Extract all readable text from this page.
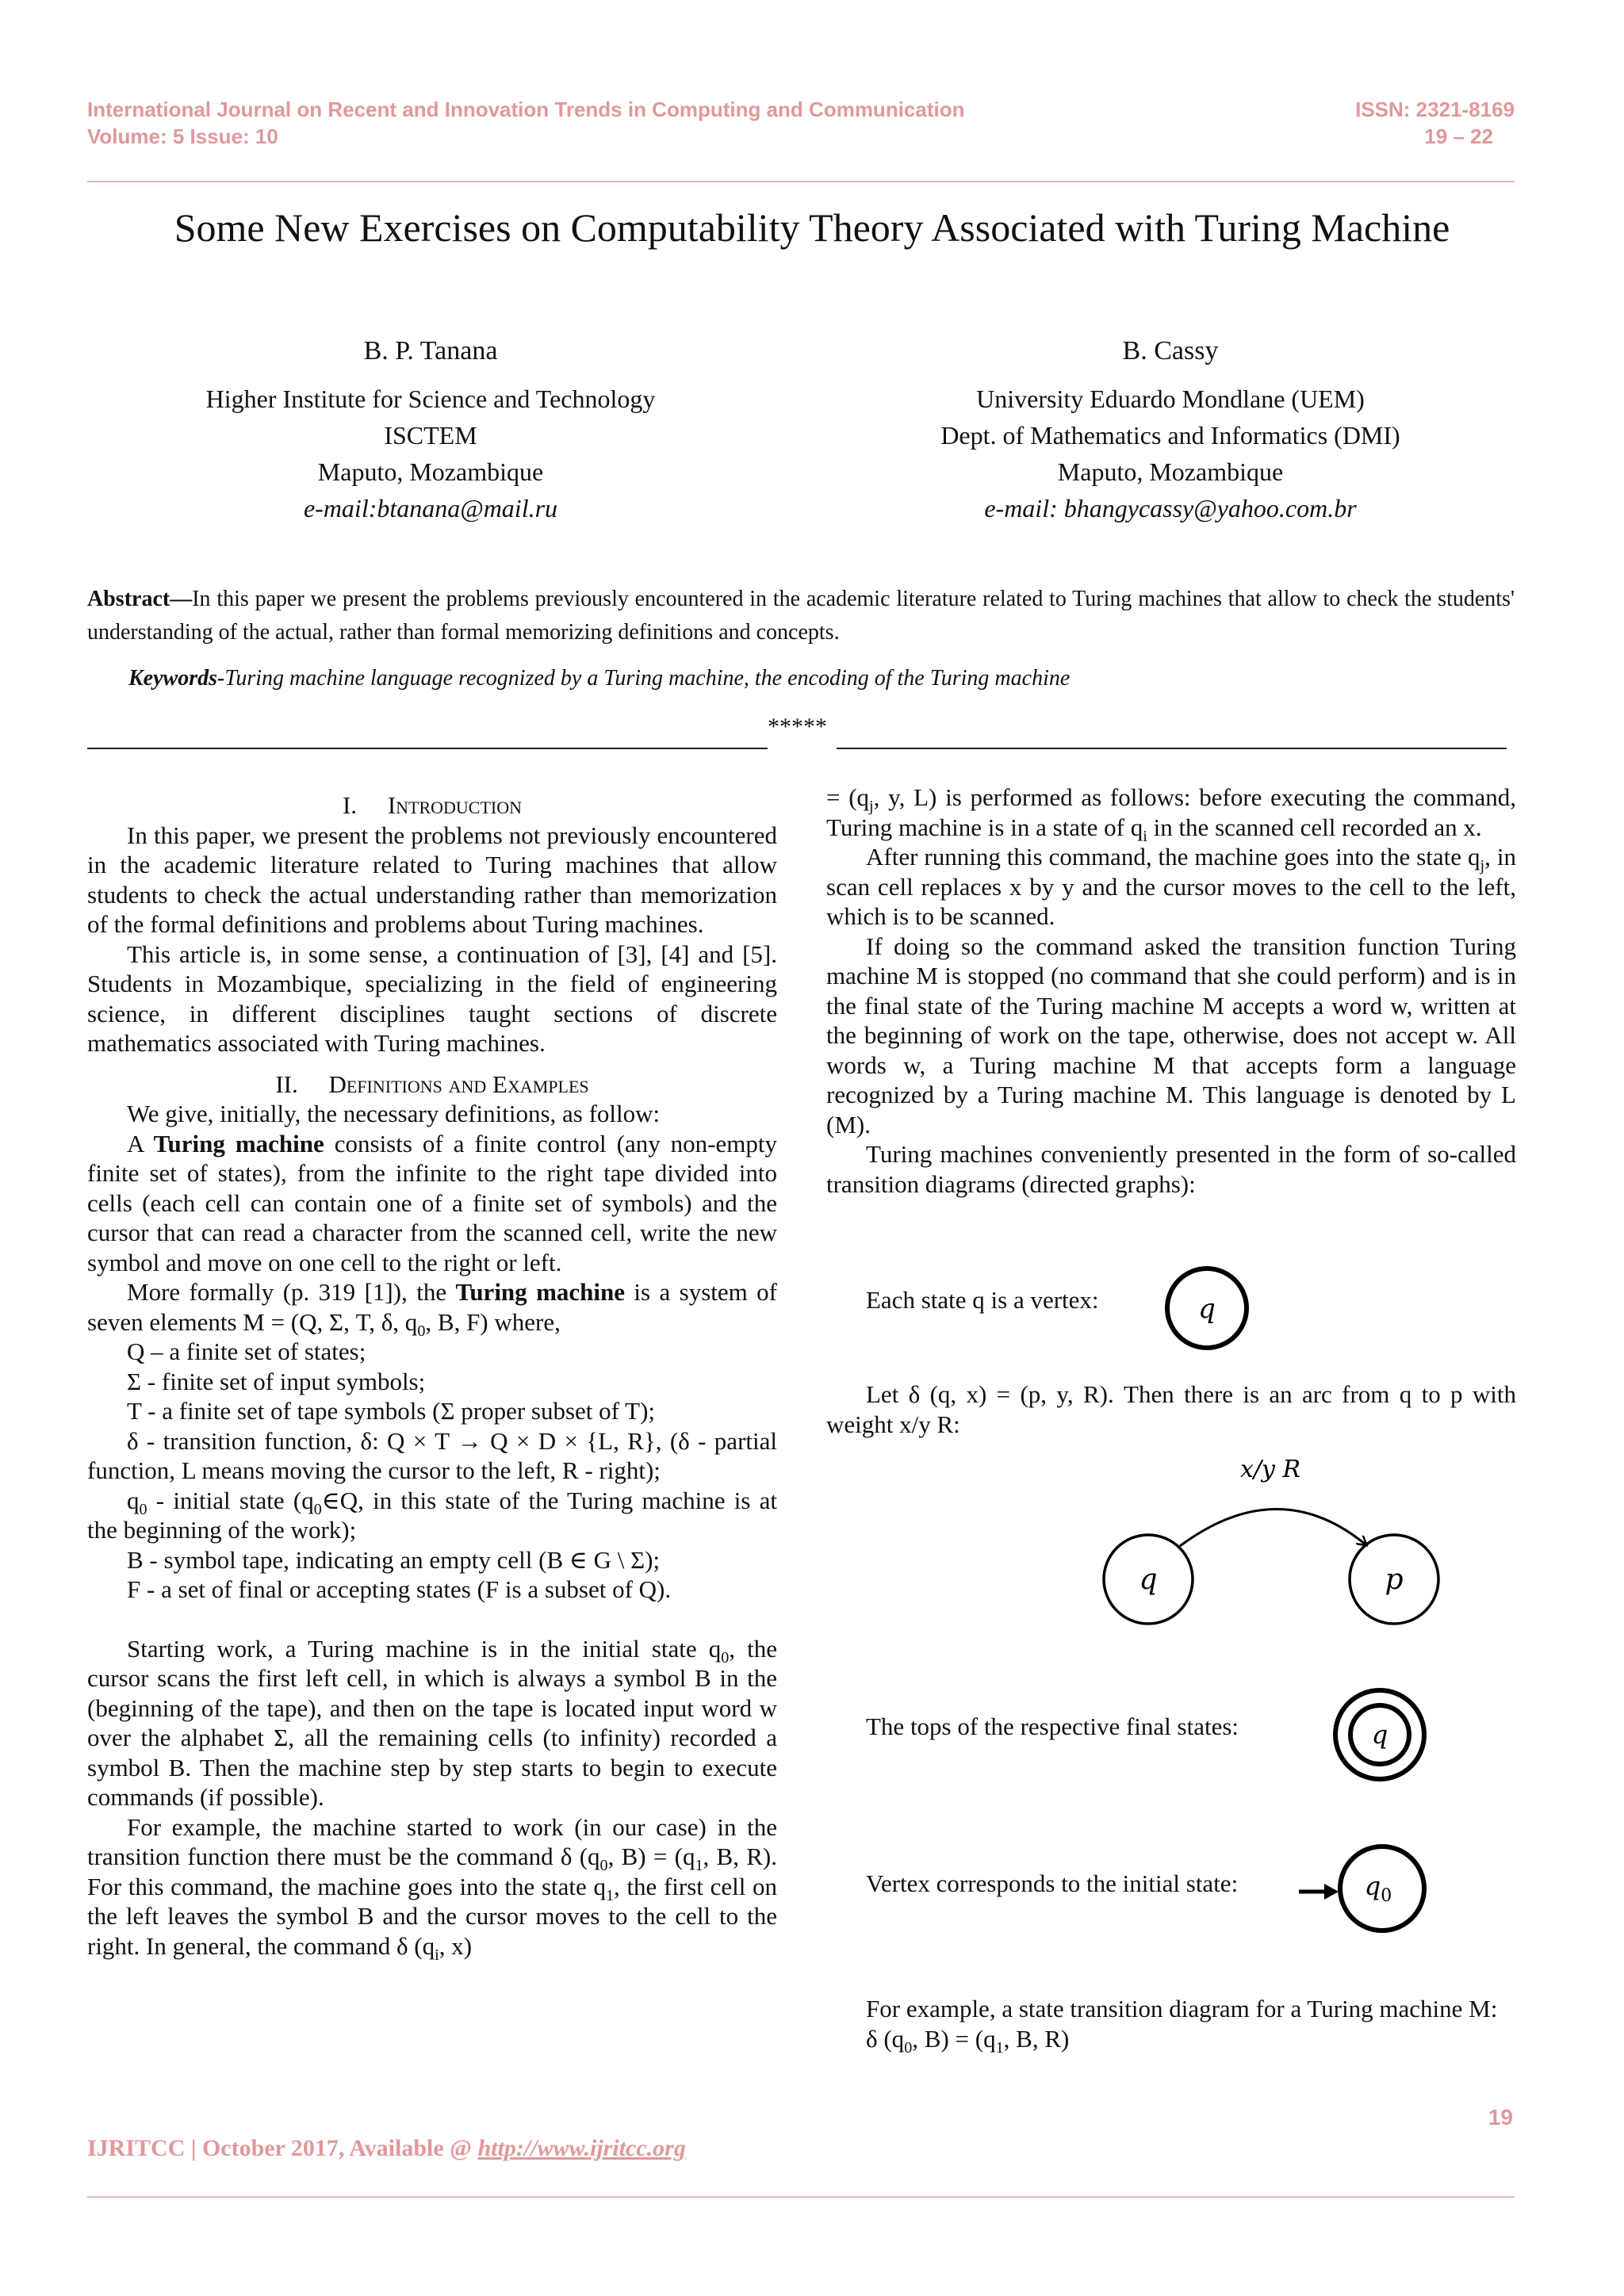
International Journal on Recent and Innovation Trends in Computing and Communication
Volume: 5 Issue: 10
ISSN: 2321-8169
19 – 22
Some New Exercises on Computability Theory Associated with Turing Machine
B. P. Tanana
Higher Institute for Science and Technology
ISCTEM
Maputo, Mozambique
e-mail:btanana@mail.ru
B. Cassy
University Eduardo Mondlane (UEM)
Dept. of Mathematics and Informatics (DMI)
Maputo, Mozambique
e-mail: bhangycassy@yahoo.com.br
Abstract—In this paper we present the problems previously encountered in the academic literature related to Turing machines that allow to check the students' understanding of the actual, rather than formal memorizing definitions and concepts.
Keywords-Turing machine language recognized by a Turing machine, the encoding of the Turing machine
*****

I. Introduction

In this paper, we present the problems not previously encountered in the academic literature related to Turing machines that allow students to check the actual understanding rather than memorization of the formal definitions and problems about Turing machines.

This article is, in some sense, a continuation of [3], [4] and [5]. Students in Mozambique, specializing in the field of engineering science, in different disciplines taught sections of discrete mathematics associated with Turing machines.

II. Definitions and Examples

We give, initially, the necessary definitions, as follow:

A Turing machine consists of a finite control (any non-empty finite set of states), from the infinite to the right tape divided into cells (each cell can contain one of a finite set of symbols) and the cursor that can read a character from the scanned cell, write the new symbol and move on one cell to the right or left.

More formally (p. 319 [1]), the Turing machine is a system of seven elements M = (Q, Σ, T, δ, $q_0$, B, F) where,

Q – a finite set of states;

Σ - finite set of input symbols;

T - a finite set of tape symbols (Σ proper subset of T);

δ - transition function, δ: Q × T → Q × D × {L, R}, (δ - partial function, L means moving the cursor to the left, R - right);

$q_0$ - initial state ($q_0\in Q$, in this state of the Turing machine is at the beginning of the work);

B - symbol tape, indicating an empty cell (B ∈ G \ Σ);

F - a set of final or accepting states (F is a subset of Q).

Starting work, a Turing machine is in the initial state $q_0$, the cursor scans the first left cell, in which is always a symbol B in the (beginning of the tape), and then on the tape is located input word w over the alphabet Σ, all the remaining cells (to infinity) recorded a symbol B. Then the machine step by step starts to begin to execute commands (if possible).

For example, the machine started to work (in our case) in the transition function there must be the command δ ($q_0$, $B) = (q_1$, B, R). For this command, the machine goes into the state $q_1$, the first cell on the left leaves the symbol B and the cursor moves to the cell to the right. In general, the command δ ($q_i$, x)

= ($q_j$, y, L) is performed as follows: before executing the command, Turing machine is in a state of $q_i$ in the scanned cell recorded an x.

After running this command, the machine goes into the state $q_j$, in scan cell replaces x by y and the cursor moves to the cell to the left, which is to be scanned.

If doing so the command asked the transition function Turing machine M is stopped (no command that she could perform) and is in the final state of the Turing machine M accepts a word w, written at the beginning of work on the tape, otherwise, does not accept w. All words w, a Turing machine M that accepts form a language recognized by a Turing machine M. This language is denoted by L (M).

Turing machines conveniently presented in the form of so-called transition diagrams (directed graphs):

Each state q is a vertex:	q

Let δ (q, x) = (p, y, R). Then there is an arc from q to p with weight x/y R:

x/y R
q	p
The tops of the respective final states:	q
Vertex corresponds to the initial state:	$q_0$

For example, a state transition diagram for a Turing machine M:

δ ($q_0$, $B) = (q_1$, B, R)

19
IJRITCC | October 2017, Available @ http://www.ijritcc.org
